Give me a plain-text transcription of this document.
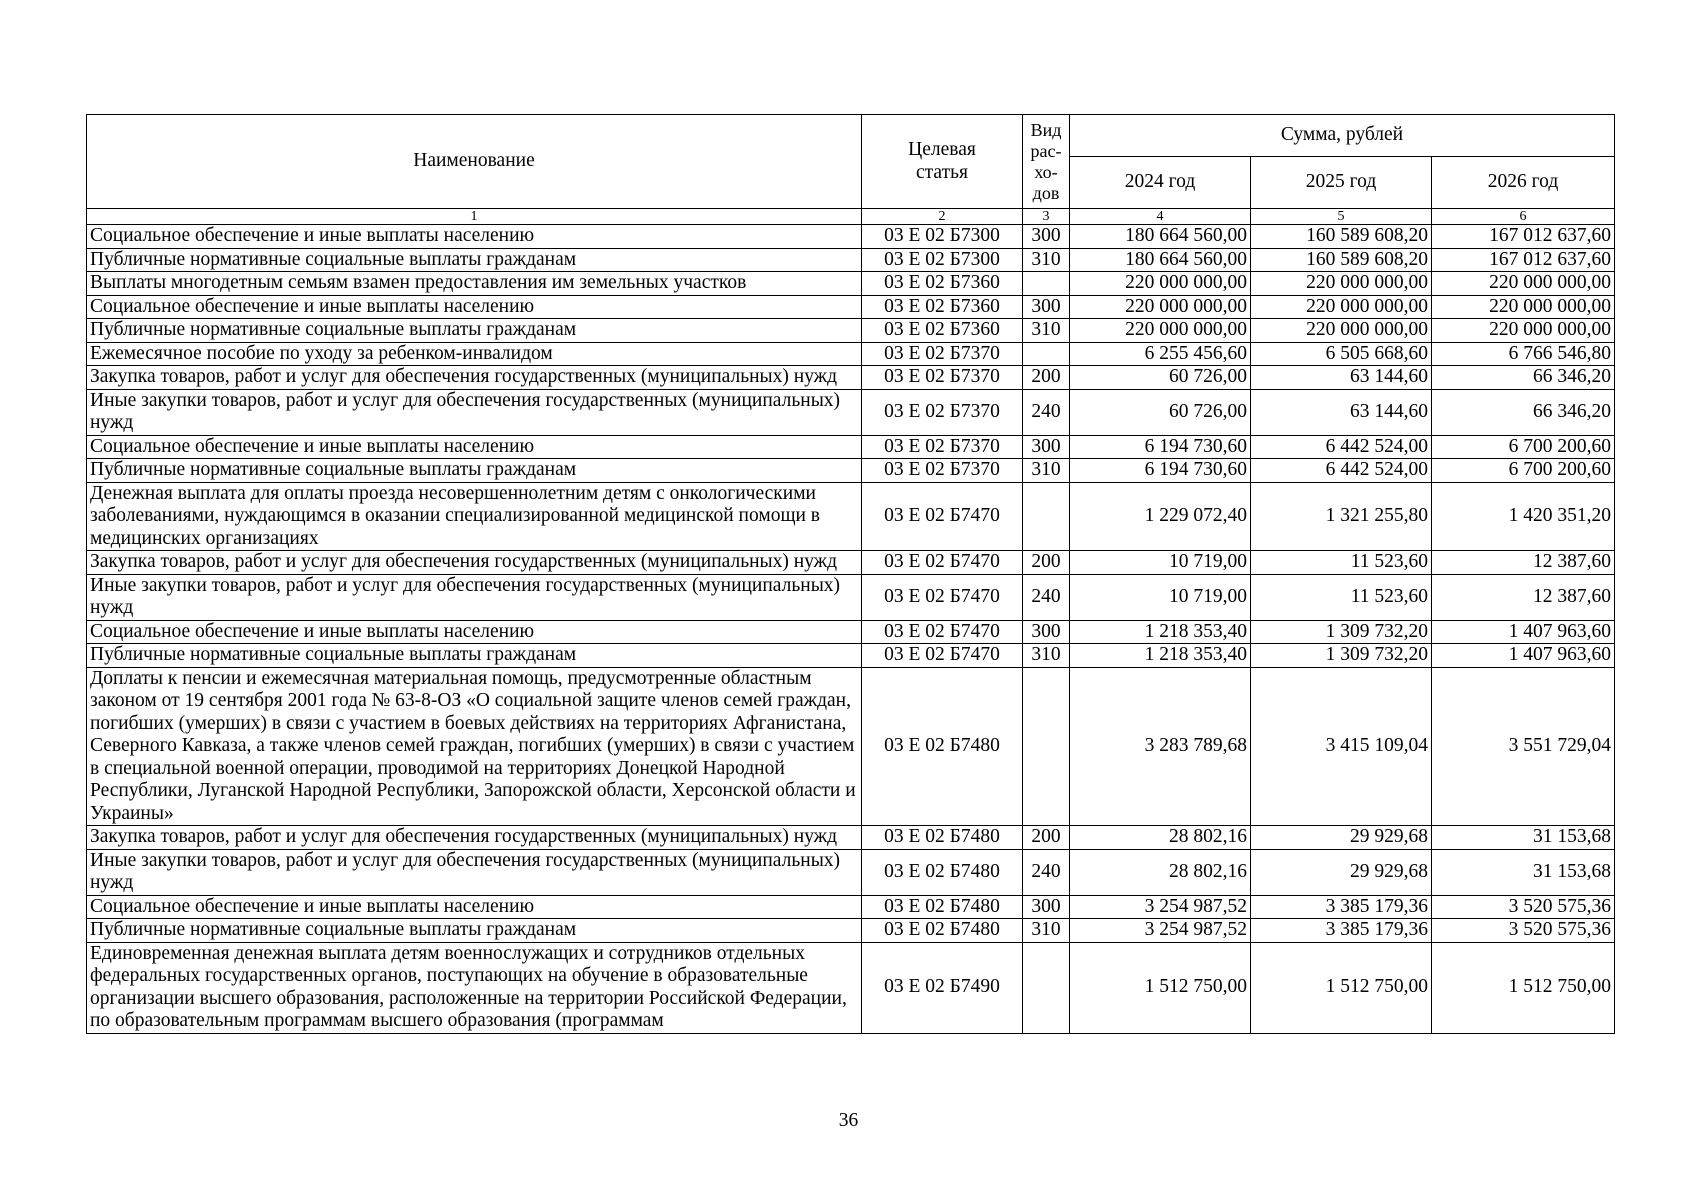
Наименование	Целевая статья	Вид рас-хо-дов	Сумма, рублей		
			2024 год	2025 год	2026 год
1	2	3	4	5	6
Социальное обеспечение и иные выплаты населению	03 Е 02 Б7300	300	180 664 560,00	160 589 608,20	167 012 637,60
Публичные нормативные социальные выплаты гражданам	03 Е 02 Б7300	310	180 664 560,00	160 589 608,20	167 012 637,60
Выплаты многодетным семьям взамен предоставления им земельных участков	03 Е 02 Б7360		220 000 000,00	220 000 000,00	220 000 000,00
Социальное обеспечение и иные выплаты населению	03 Е 02 Б7360	300	220 000 000,00	220 000 000,00	220 000 000,00
Публичные нормативные социальные выплаты гражданам	03 Е 02 Б7360	310	220 000 000,00	220 000 000,00	220 000 000,00
Ежемесячное пособие по уходу за ребенком-инвалидом	03 Е 02 Б7370		6 255 456,60	6 505 668,60	6 766 546,80
Закупка товаров, работ и услуг для обеспечения государственных (муниципальных) нужд	03 Е 02 Б7370	200	60 726,00	63 144,60	66 346,20
Иные закупки товаров, работ и услуг для обеспечения государственных (муниципальных) нужд	03 Е 02 Б7370	240	60 726,00	63 144,60	66 346,20
Социальное обеспечение и иные выплаты населению	03 Е 02 Б7370	300	6 194 730,60	6 442 524,00	6 700 200,60
Публичные нормативные социальные выплаты гражданам	03 Е 02 Б7370	310	6 194 730,60	6 442 524,00	6 700 200,60
Денежная выплата для оплаты проезда несовершеннолетним детям с онкологическими заболеваниями, нуждающимся в оказании специализированной медицинской помощи в медицинских организациях	03 Е 02 Б7470		1 229 072,40	1 321 255,80	1 420 351,20
Закупка товаров, работ и услуг для обеспечения государственных (муниципальных) нужд	03 Е 02 Б7470	200	10 719,00	11 523,60	12 387,60
Иные закупки товаров, работ и услуг для обеспечения государственных (муниципальных) нужд	03 Е 02 Б7470	240	10 719,00	11 523,60	12 387,60
Социальное обеспечение и иные выплаты населению	03 Е 02 Б7470	300	1 218 353,40	1 309 732,20	1 407 963,60
Публичные нормативные социальные выплаты гражданам	03 Е 02 Б7470	310	1 218 353,40	1 309 732,20	1 407 963,60
Доплаты к пенсии и ежемесячная материальная помощь, предусмотренные областным законом от 19 сентября 2001 года № 63-8-ОЗ «О социальной защите членов семей граждан, погибших (умерших) в связи с участием в боевых действиях на территориях Афганистана, Северного Кавказа, а также членов семей граждан, погибших (умерших) в связи с участием в специальной военной операции, проводимой на территориях Донецкой Народной Республики, Луганской Народной Республики, Запорожской области, Херсонской области и Украины»	03 Е 02 Б7480		3 283 789,68	3 415 109,04	3 551 729,04
Закупка товаров, работ и услуг для обеспечения государственных (муниципальных) нужд	03 Е 02 Б7480	200	28 802,16	29 929,68	31 153,68
Иные закупки товаров, работ и услуг для обеспечения государственных (муниципальных) нужд	03 Е 02 Б7480	240	28 802,16	29 929,68	31 153,68
Социальное обеспечение и иные выплаты населению	03 Е 02 Б7480	300	3 254 987,52	3 385 179,36	3 520 575,36
Публичные нормативные социальные выплаты гражданам	03 Е 02 Б7480	310	3 254 987,52	3 385 179,36	3 520 575,36
Единовременная денежная выплата детям военнослужащих и сотрудников отдельных федеральных государственных органов, поступающих на обучение в образовательные организации высшего образования, расположенные на территории Российской Федерации, по образовательным программам высшего образования (программам	03 Е 02 Б7490		1 512 750,00	1 512 750,00	1 512 750,00
36
